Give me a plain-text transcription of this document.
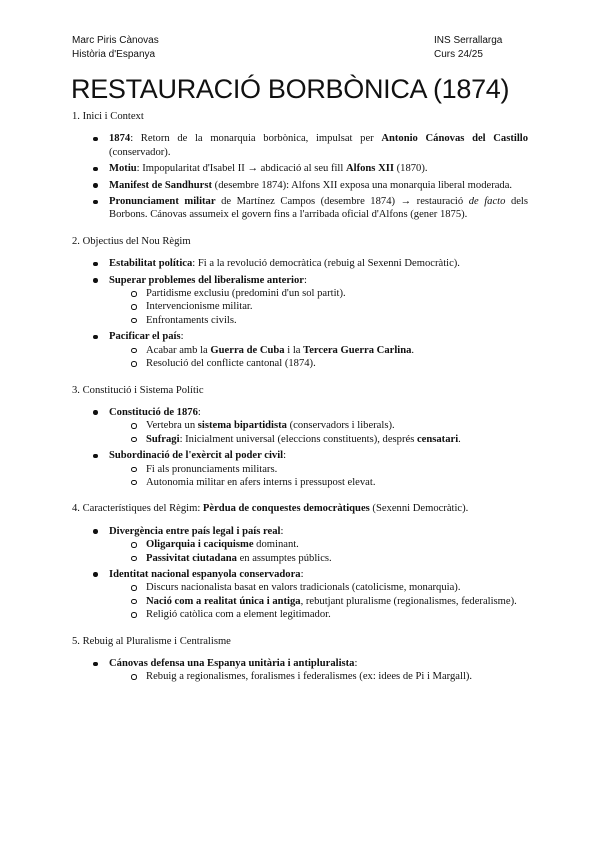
Marc Piris Cànovas
Història d'Espanya
INS Serrallarga
Curs 24/25
RESTAURACIÓ BORBÒNICA (1874)
1. Inici i Context
1874: Retorn de la monarquia borbònica, impulsat per Antonio Cánovas del Castillo (conservador).
Motiu: Impopularitat d'Isabel II → abdicació al seu fill Alfons XII (1870).
Manifest de Sandhurst (desembre 1874): Alfons XII exposa una monarquia liberal moderada.
Pronunciament militar de Martínez Campos (desembre 1874) → restauració de facto dels Borbons. Cánovas assumeix el govern fins a l'arribada oficial d'Alfons (gener 1875).
2. Objectius del Nou Règim
Estabilitat política: Fi a la revolució democràtica (rebuig al Sexenni Democràtic).
Superar problemes del liberalisme anterior:
Partidisme exclusiu (predomini d'un sol partit).
Intervencionisme militar.
Enfrontaments civils.
Pacificar el país:
Acabar amb la Guerra de Cuba i la Tercera Guerra Carlina.
Resolució del conflicte cantonal (1874).
3. Constitució i Sistema Polític
Constitució de 1876:
Vertebra un sistema bipartidista (conservadors i liberals).
Sufragi: Inicialment universal (eleccions constituents), després censatari.
Subordinació de l'exèrcit al poder civil:
Fi als pronunciaments militars.
Autonomia militar en afers interns i pressupost elevat.
4. Característiques del Règim: Pèrdua de conquestes democràtiques (Sexenni Democràtic).
Divergència entre país legal i país real:
Oligarquia i caciquisme dominant.
Passivitat ciutadana en assumptes públics.
Identitat nacional espanyola conservadora:
Discurs nacionalista basat en valors tradicionals (catolicisme, monarquia).
Nació com a realitat única i antiga, rebutjant pluralisme (regionalismes, federalisme).
Religió catòlica com a element legitimador.
5. Rebuig al Pluralisme i Centralisme
Cánovas defensa una Espanya unitària i antipluralista:
Rebuig a regionalismes, foralismes i federalismes (ex: idees de Pi i Margall).
